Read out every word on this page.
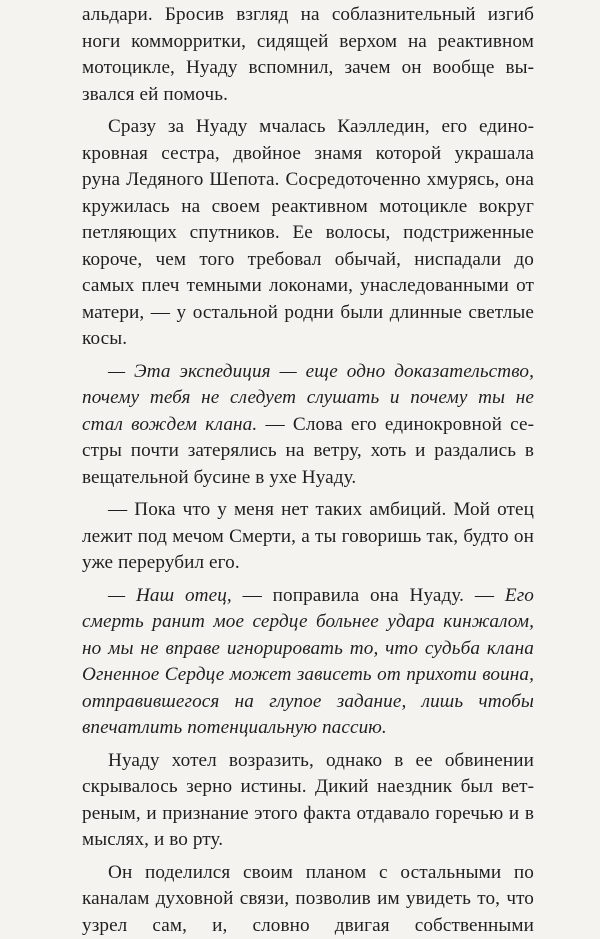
альдари. Бросив взгляд на соблазнительный изгиб ноги комморритки, сидящей верхом на реактивном мотоцикле, Нуаду вспомнил, зачем он вообще вызвался ей помочь.

Сразу за Нуаду мчалась Каэлледин, его единокровная сестра, двойное знамя которой украшала руна Ледяного Шепота. Сосредоточенно хмурясь, она кружилась на своем реактивном мотоцикле вокруг петляющих спутников. Ее волосы, подстриженные короче, чем того требовал обычай, ниспадали до самых плеч темными локонами, унаследованными от матери, — у остальной родни были длинные светлые косы.

— Эта экспедиция — еще одно доказательство, почему тебя не следует слушать и почему ты не стал вождем клана. — Слова его единокровной сестры почти затерялись на ветру, хоть и раздались в вещательной бусине в ухе Нуаду.

— Пока что у меня нет таких амбиций. Мой отец лежит под мечом Смерти, а ты говоришь так, будто он уже перерубил его.

— Наш отец, — поправила она Нуаду. — Его смерть ранит мое сердце больнее удара кинжалом, но мы не вправе игнорировать то, что судьба клана Огненное Сердце может зависеть от прихоти воина, отправившегося на глупое задание, лишь чтобы впечатлить потенциальную пассию.

Нуаду хотел возразить, однако в ее обвинении скрывалось зерно истины. Дикий наездник был ветреным, и признание этого факта отдавало горечью и в мыслях, и во рту.

Он поделился своим планом с остальными по каналам духовной связи, позволив им увидеть то, что узрел сам, и, словно двигая собственными
